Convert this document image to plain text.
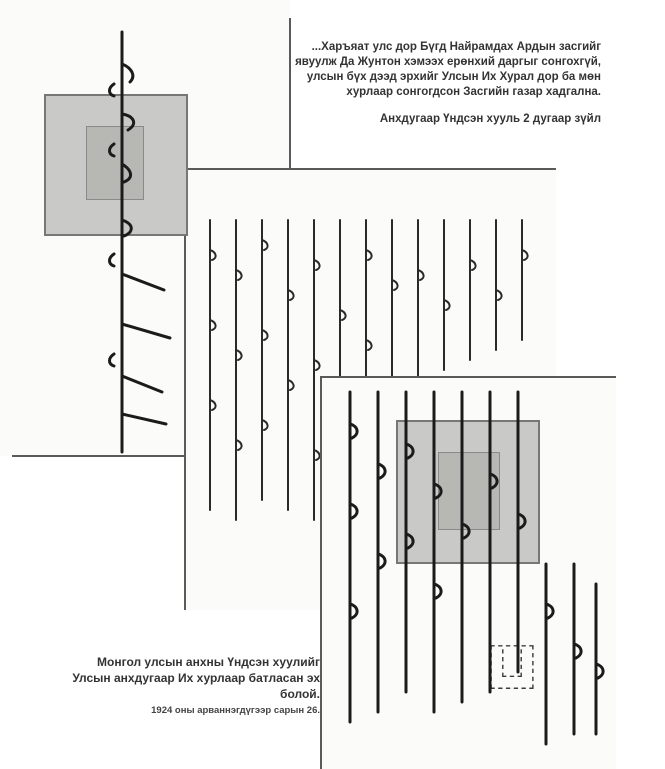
⿶
...Харъяат улс дор Бүгд Найрамдах Ардын засгийг
явуулж Да Жунтон хэмээх ерөнхий даргыг сонгохгүй,
улсын бүх дээд эрхийг Улсын Их Хурал дор ба мөн
хурлаар сонгогдсон Засгийн газар хадгална.
Анхдугаар Үндсэн хууль 2 дугаар зүйл
Монгол улсын анхны Үндсэн хуулийг
Улсын анхдугаар Их хурлаар батласан эх болой.
1924 оны арваннэгдүгээр сарын 26.
